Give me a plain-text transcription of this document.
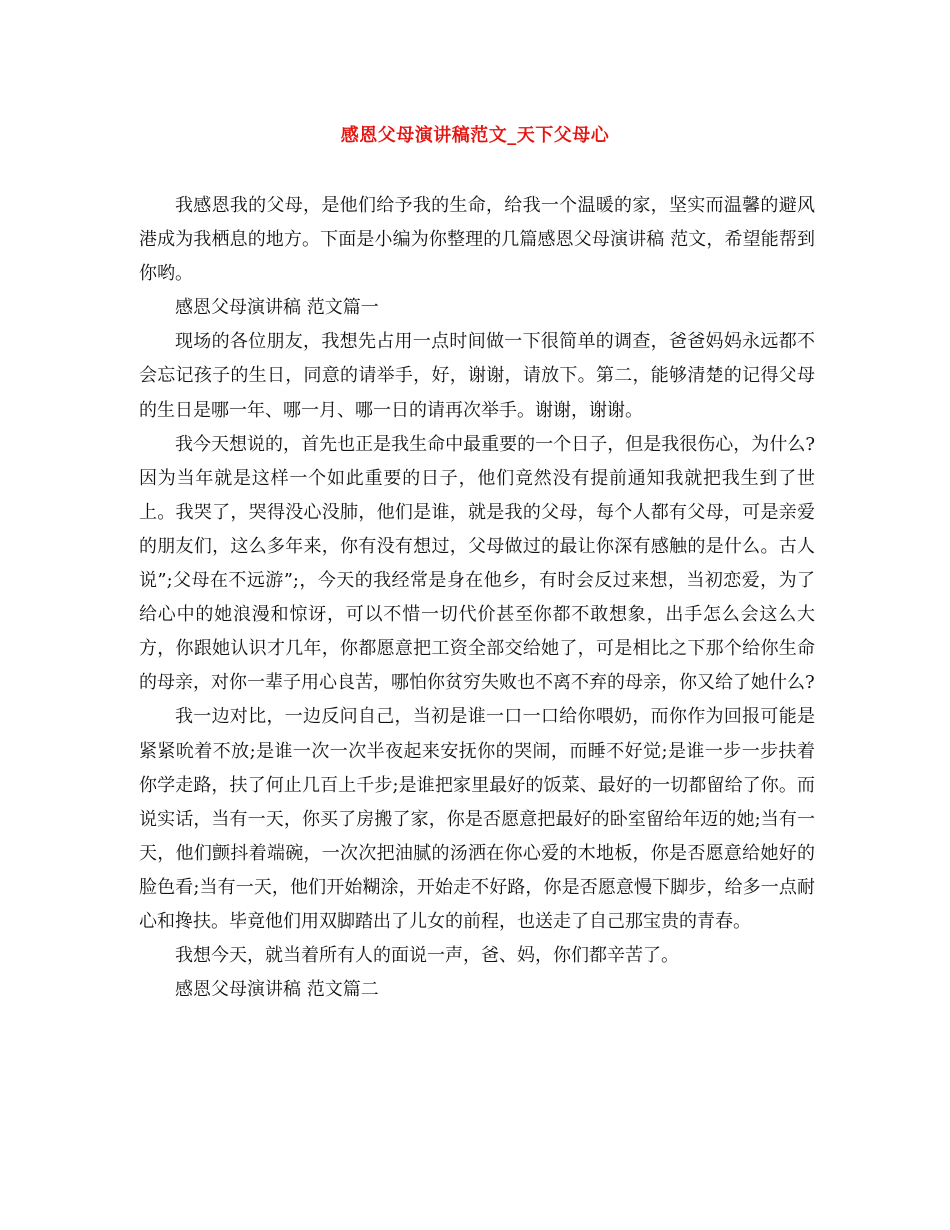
感恩父母演讲稿范文_天下父母心

我感恩我的父母，是他们给予我的生命，给我一个温暖的家，坚实而温馨的避风港成为我栖息的地方。下面是小编为你整理的几篇感恩父母演讲稿 范文，希望能帮到你哟。

感恩父母演讲稿 范文篇一

现场的各位朋友，我想先占用一点时间做一下很简单的调查，爸爸妈妈永远都不会忘记孩子的生日，同意的请举手，好，谢谢，请放下。第二，能够清楚的记得父母的生日是哪一年、哪一月、哪一日的请再次举手。谢谢，谢谢。

我今天想说的，首先也正是我生命中最重要的一个日子，但是我很伤心，为什么?因为当年就是这样一个如此重要的日子，他们竟然没有提前通知我就把我生到了世上。我哭了，哭得没心没肺，他们是谁，就是我的父母，每个人都有父母，可是亲爱的朋友们，这么多年来，你有没有想过，父母做过的最让你深有感触的是什么。古人说”;父母在不远游”;，今天的我经常是身在他乡，有时会反过来想，当初恋爱，为了给心中的她浪漫和惊讶，可以不惜一切代价甚至你都不敢想象，出手怎么会这么大方，你跟她认识才几年，你都愿意把工资全部交给她了，可是相比之下那个给你生命的母亲，对你一辈子用心良苦，哪怕你贫穷失败也不离不弃的母亲，你又给了她什么?

我一边对比，一边反问自己，当初是谁一口一口给你喂奶，而你作为回报可能是紧紧吮着不放;是谁一次一次半夜起来安抚你的哭闹，而睡不好觉;是谁一步一步扶着你学走路，扶了何止几百上千步;是谁把家里最好的饭菜、最好的一切都留给了你。而说实话，当有一天，你买了房搬了家，你是否愿意把最好的卧室留给年迈的她;当有一天，他们颤抖着端碗，一次次把油腻的汤洒在你心爱的木地板，你是否愿意给她好的脸色看;当有一天，他们开始糊涂，开始走不好路，你是否愿意慢下脚步，给多一点耐心和搀扶。毕竟他们用双脚踏出了儿女的前程，也送走了自己那宝贵的青春。

我想今天，就当着所有人的面说一声，爸、妈，你们都辛苦了。

感恩父母演讲稿 范文篇二
